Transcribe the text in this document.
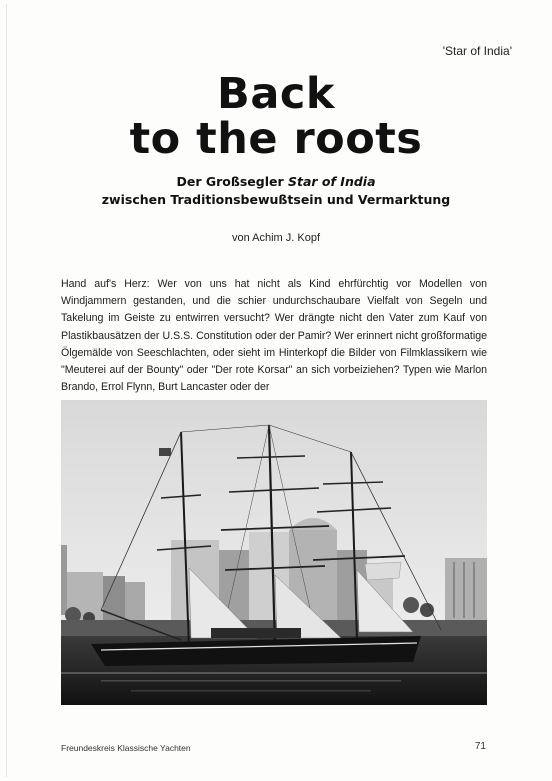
'Star of India'
Back
to the roots
Der Großsegler Star of India
zwischen Traditionsbewußtsein und Vermarktung
von Achim J. Kopf
Hand auf's Herz: Wer von uns hat nicht als Kind ehrfürchtig vor Modellen von Windjammern gestanden, und die schier undurchschaubare Vielfalt von Segeln und Takelung im Geiste zu entwirren versucht? Wer drängte nicht den Vater zum Kauf von Plastikbausätzen der U.S.S. Constitution oder der Pamir? Wer erinnert nicht großformatige Ölgemälde von Seeschlachten, oder sieht im Hinterkopf die Bilder von Filmklassikern wie "Meuterei auf der Bounty" oder "Der rote Korsar" an sich vorbeiziehen? Typen wie Marlon Brando, Errol Flynn, Burt Lancaster oder der
Freundeskreis Klassische Yachten	71
